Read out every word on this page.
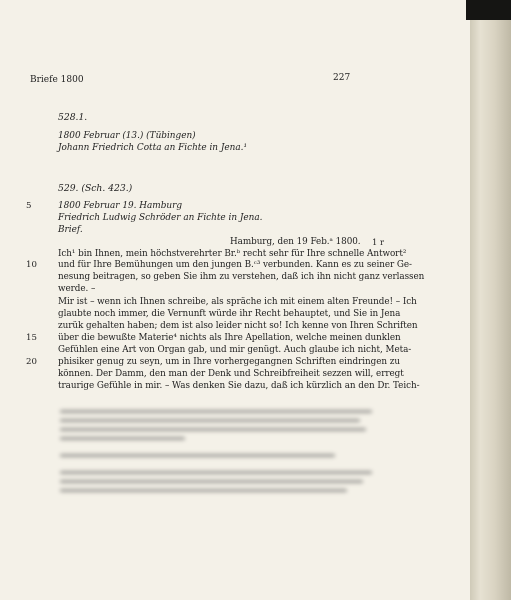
Briefe 1800	227
528.1.
1800 Februar (13.) (Tübingen)
Johann Friedrich Cotta an Fichte in Jena.¹
529. (Sch. 423.)
1800 Februar 19. Hamburg
Friedrich Ludwig Schröder an Fichte in Jena.
Brief.
5
10
15
20
Hamburg, den 19 Feb.ᵃ 1800. 1 r
Ich¹ bin Ihnen, mein höchstverehrter Br.ᵇ recht sehr für Ihre schnelle Antwort²
und für Ihre Bemühungen um den jungen B.ᶜ³ verbunden. Kann es zu seiner Ge-
nesung beitragen, so geben Sie ihm zu verstehen, daß ich ihn nicht ganz verlassen
werde. –
Mir ist – wenn ich Ihnen schreibe, als spräche ich mit einem alten Freunde! – Ich
glaubte noch immer, die Vernunft würde ihr Recht behauptet, und Sie in Jena
zurük gehalten haben; dem ist also leider nicht so! Ich kenne von Ihren Schriften
über die bewußte Materie⁴ nichts als Ihre Apellation, welche meinen dunklen
Gefühlen eine Art von Organ gab, und mir genügt. Auch glaube ich nicht, Meta-
phisiker genug zu seyn, um in Ihre vorhergegangnen Schriften eindringen zu
können. Der Damm, den man der Denk und Schreibfreiheit sezzen will, erregt
traurige Gefühle in mir. – Was denken Sie dazu, daß ich kürzlich an den Dr. Teich-
